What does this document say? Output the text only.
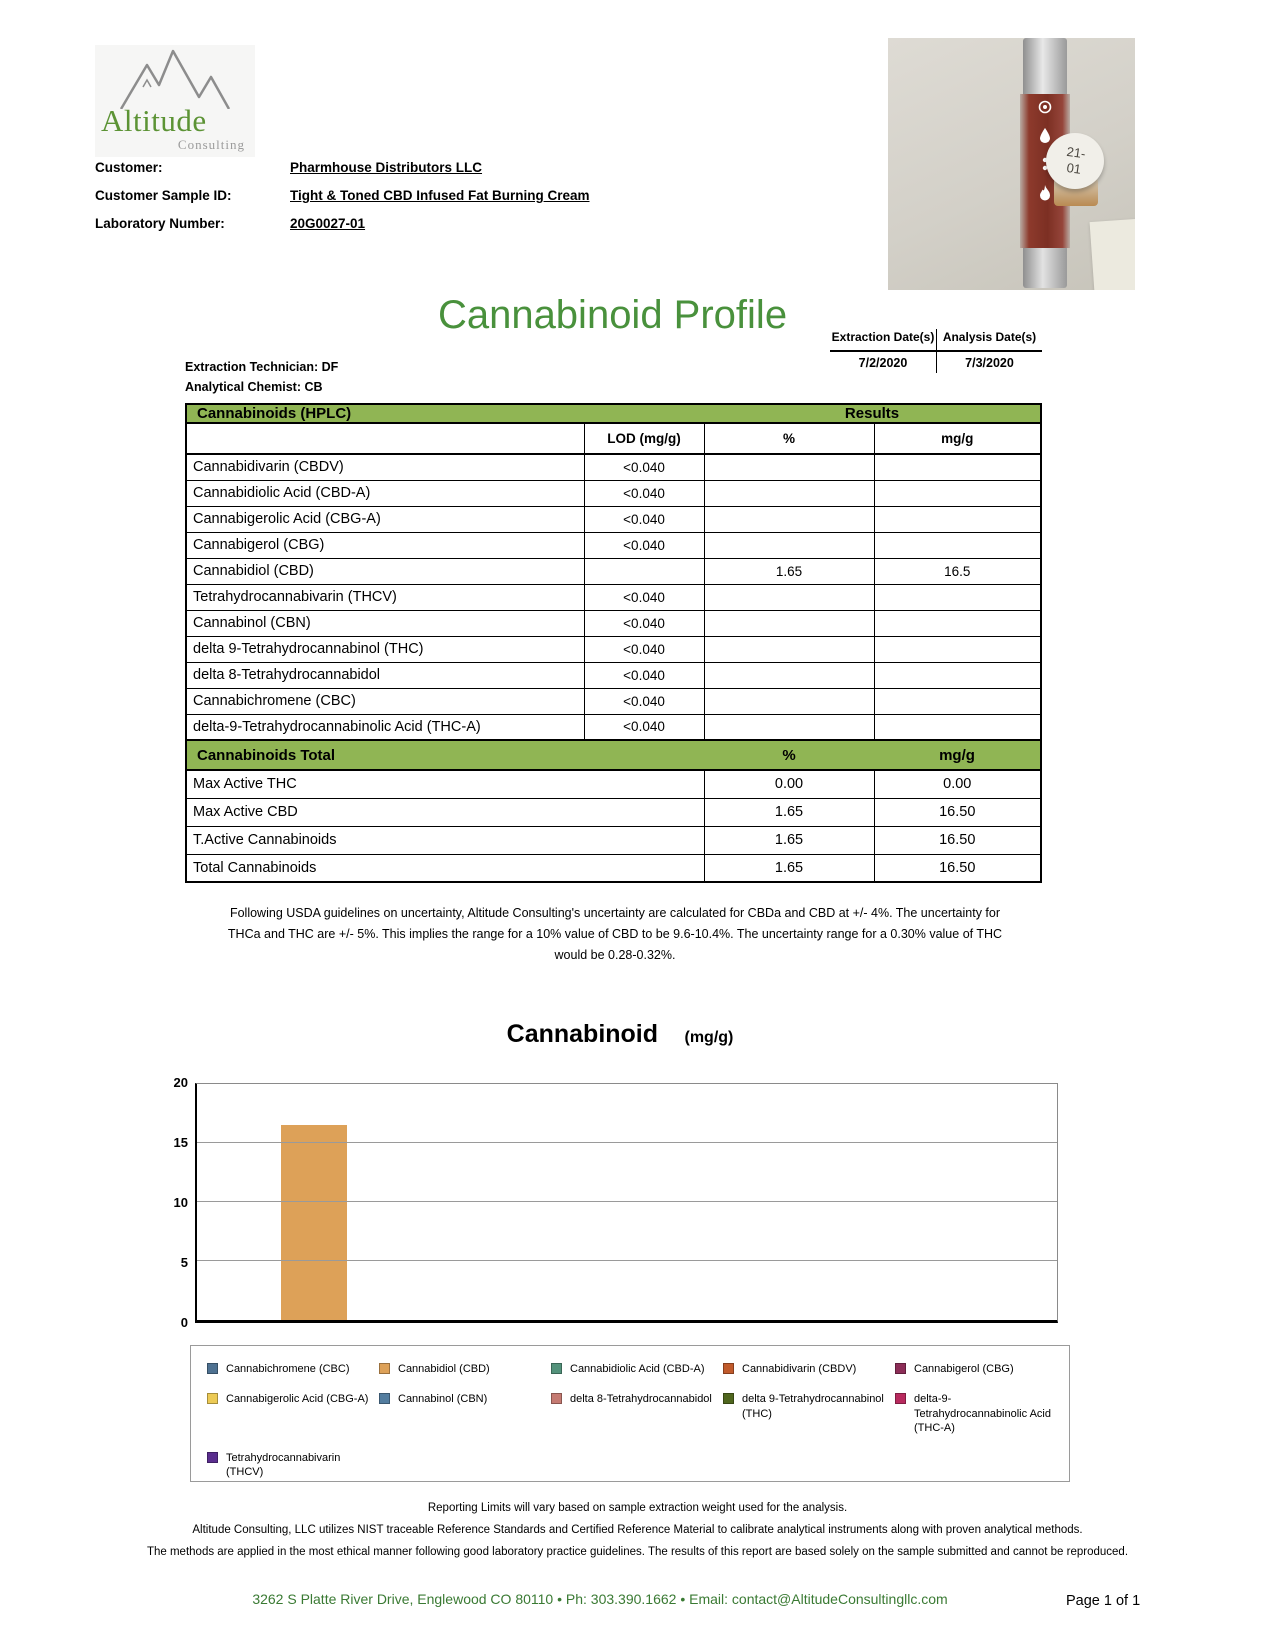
Altitude
Consulting
Customer:	Pharmhouse Distributors LLC
Customer Sample ID:	Tight & Toned CBD Infused Fat Burning Cream
Laboratory Number:	20G0027-01
21- 01
Cannabinoid Profile
Extraction Technician: DF
Analytical Chemist: CB
Extraction Date(s) Analysis Date(s)
7/2/2020	7/3/2020
Cannabinoids (HPLC)		Results	
	LOD (mg/g)	%	mg/g
Cannabidivarin (CBDV)	<0.040		
Cannabidiolic Acid (CBD-A)	<0.040		
Cannabigerolic Acid (CBG-A)	<0.040		
Cannabigerol (CBG)	<0.040		
Cannabidiol (CBD)		1.65	16.5
Tetrahydrocannabivarin (THCV)	<0.040		
Cannabinol (CBN)	<0.040		
delta 9-Tetrahydrocannabinol (THC)	<0.040		
delta 8-Tetrahydrocannabidol	<0.040		
Cannabichromene (CBC)	<0.040		
delta-9-Tetrahydrocannabinolic Acid (THC-A)	<0.040		
Cannabinoids Total		%	mg/g
Max Active THC		0.00	0.00
Max Active CBD		1.65	16.50
T.Active Cannabinoids		1.65	16.50
Total Cannabinoids		1.65	16.50
Following USDA guidelines on uncertainty, Altitude Consulting's uncertainty are calculated for CBDa and CBD at +/- 4%. The uncertainty for THCa and THC are +/- 5%. This implies the range for a 10% value of CBD to be 9.6-10.4%. The uncertainty range for a 0.30% value of THC would be 0.28-0.32%.
Cannabinoid (mg/g)
Cannabichromene (CBC)	Cannabidiol (CBD)	Cannabidiolic Acid (CBD-A)	Cannabidivarin (CBDV)	Cannabigerol (CBG)
Cannabigerolic Acid (CBG-A)	Cannabinol (CBN)	delta 8-Tetrahydrocannabidol	delta 9-Tetrahydrocannabinol (THC)
delta-9-Tetrahydrocannabinolic Acid (THC-A)
Tetrahydrocannabivarin (THCV)
Reporting Limits will vary based on sample extraction weight used for the analysis.
Altitude Consulting, LLC utilizes NIST traceable Reference Standards and Certified Reference Material to calibrate analytical instruments along with proven analytical methods.
The methods are applied in the most ethical manner following good laboratory practice guidelines. The results of this report are based solely on the sample submitted and cannot be reproduced.
3262 S Platte River Drive, Englewood CO 80110 • Ph: 303.390.1662 • Email: contact@AltitudeConsultingllc.com	Page 1 of 1
0
5
10
15
20
